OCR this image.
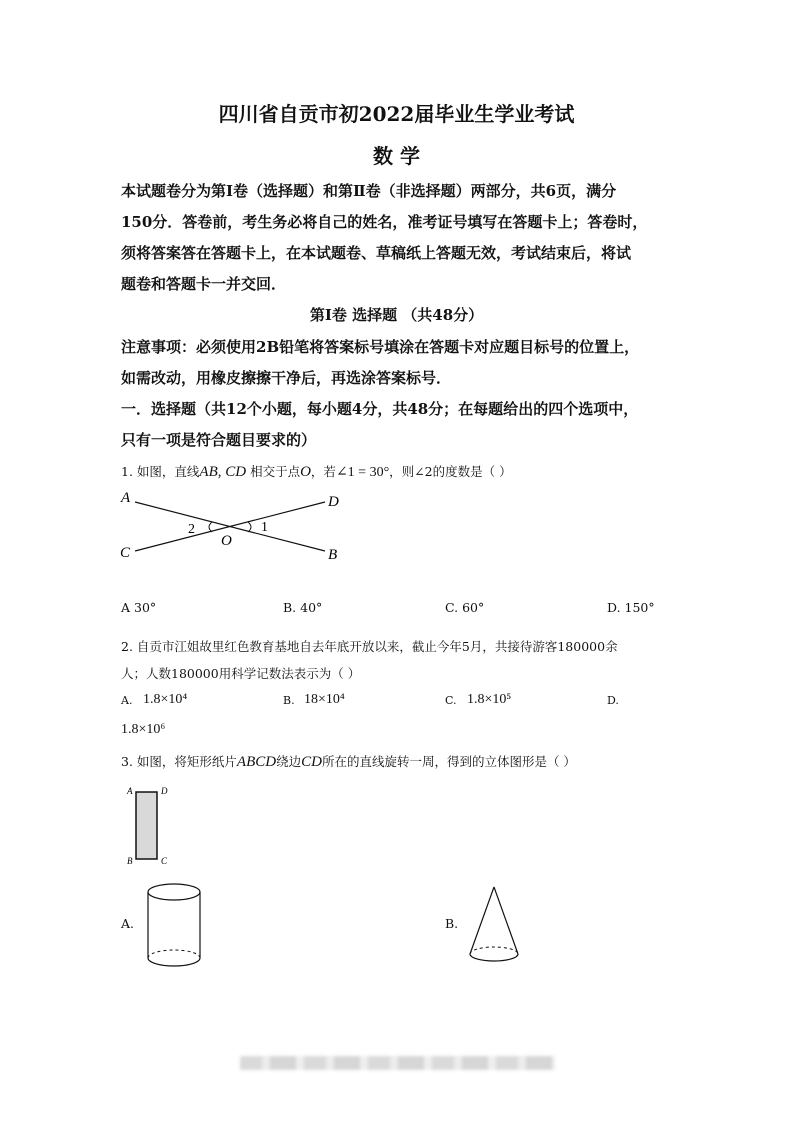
四川省自贡市初2022届毕业生学业考试
数 学
本试题卷分为第Ⅰ卷（选择题）和第Ⅱ卷（非选择题）两部分，共6页，满分
150分．答卷前，考生务必将自己的姓名，准考证号填写在答题卡上；答卷时，
须将答案答在答题卡上，在本试题卷、草稿纸上答题无效，考试结束后，将试
题卷和答题卡一并交回．
第Ⅰ卷 选择题 （共48分）
注意事项：必须使用2B铅笔将答案标号填涂在答题卡对应题目标号的位置上，
如需改动，用橡皮擦擦干净后，再选涂答案标号．
一．选择题（共12个小题，每小题4分，共48分；在每题给出的四个选项中，
只有一项是符合题目要求的）
1. 如图，直线AB, CD 相交于点O，若∠1 = 30°，则∠2的度数是（ ）
A	D
2
O
1
C	B
A 30°	B. 40°	C. 60°	D. 150°
2. 自贡市江姐故里红色教育基地自去年底开放以来，截止今年5月，共接待游客180000余
人；人数180000用科学记数法表示为（ ）
A. 1.8×10⁴	B. 18×10⁴	C. 1.8×10⁵	D.
1.8×10⁶
3. 如图，将矩形纸片ABCD绕边CD所在的直线旋转一周，得到的立体图形是（ ）
A	D
B	C
A.	B.
